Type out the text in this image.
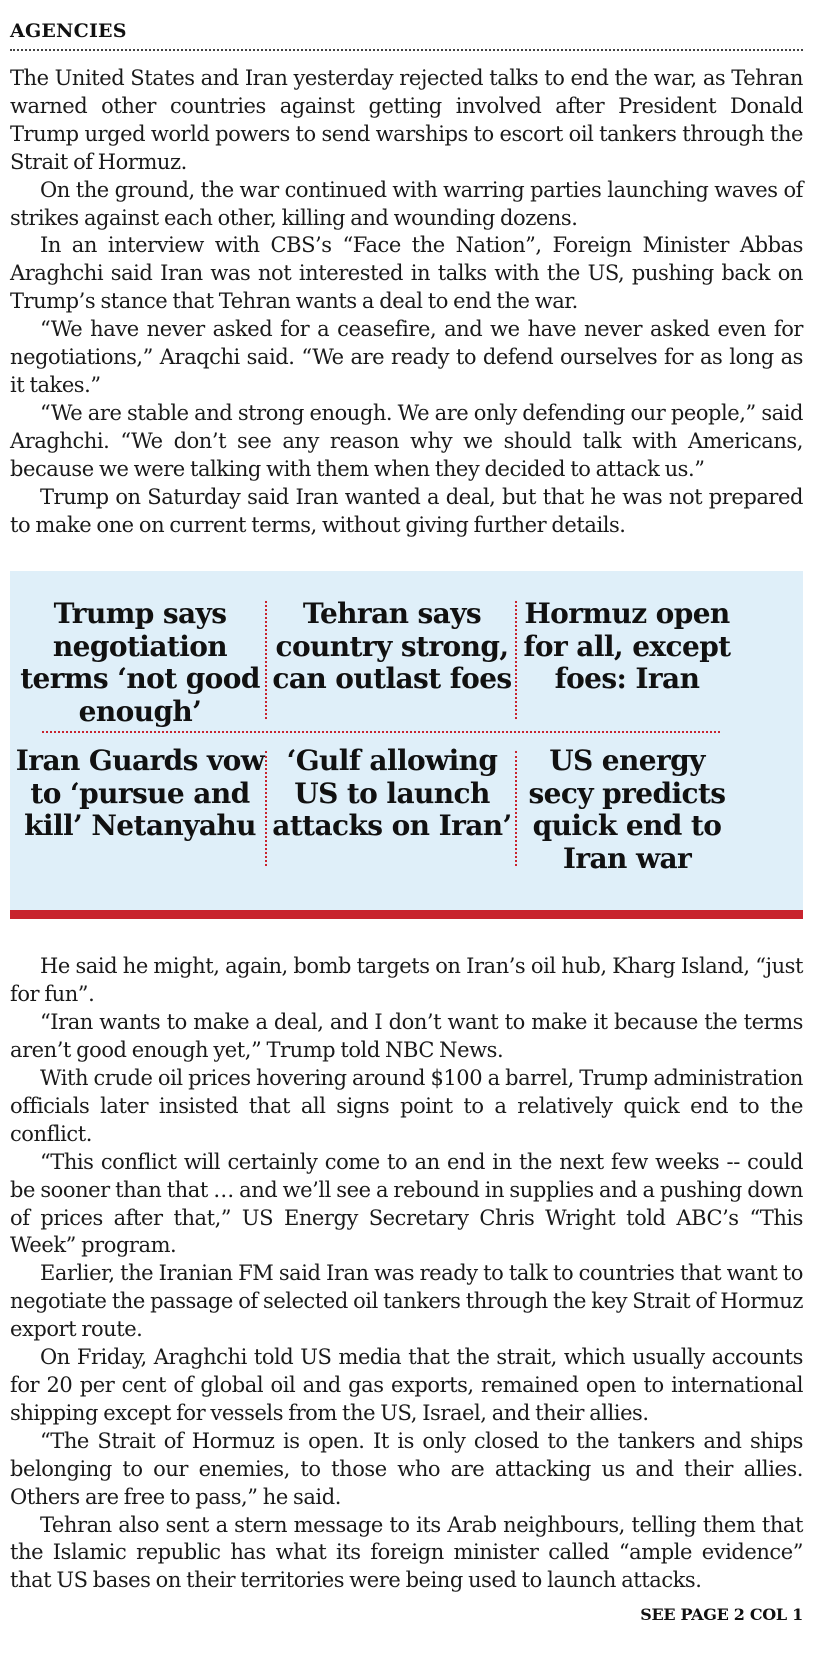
AGENCIES

The United States and Iran yesterday rejected talks to end the war, as Tehran warned other countries against getting involved after President Donald Trump urged world powers to send warships to escort oil tankers through the Strait of Hormuz.

On the ground, the war continued with warring parties launching waves of strikes against each other, killing and wounding dozens.

In an interview with CBS’s “Face the Nation”, Foreign Minister Abbas Araghchi said Iran was not interested in talks with the US, pushing back on Trump’s stance that Tehran wants a deal to end the war.

“We have never asked for a ceasefire, and we have never asked even for negotiations,” Araqchi said. “We are ready to defend ourselves for as long as it takes.”

“We are stable and strong enough. We are only defending our people,” said Araghchi. “We don’t see any reason why we should talk with Americans, because we were talking with them when they decided to attack us.”

Trump on Saturday said Iran wanted a deal, but that he was not prepared to make one on current terms, without giving further details.

Trump says negotiation terms ‘not good enough’
Tehran says country strong, can outlast foes
Hormuz open for all, except foes: Iran
Iran Guards vow to ‘pursue and kill’ Netanyahu
‘Gulf allowing US to launch attacks on Iran’
US energy secy predicts quick end to Iran war

He said he might, again, bomb targets on Iran’s oil hub, Kharg Island, “just for fun”.

“Iran wants to make a deal, and I don’t want to make it because the terms aren’t good enough yet,” Trump told NBC News.

With crude oil prices hovering around $100 a barrel, Trump administration officials later insisted that all signs point to a relatively quick end to the conflict.

“This conflict will certainly come to an end in the next few weeks -- could be sooner than that … and we’ll see a rebound in supplies and a pushing down of prices after that,” US Energy Secretary Chris Wright told ABC’s “This Week” program.

Earlier, the Iranian FM said Iran was ready to talk to countries that want to negotiate the passage of selected oil tankers through the key Strait of Hormuz export route.

On Friday, Araghchi told US media that the strait, which usually accounts for 20 per cent of global oil and gas exports, remained open to international shipping except for vessels from the US, Israel, and their allies.

“The Strait of Hormuz is open. It is only closed to the tankers and ships belonging to our enemies, to those who are attacking us and their allies. Others are free to pass,” he said.

Tehran also sent a stern message to its Arab neighbours, telling them that the Islamic republic has what its foreign minister called “ample evidence” that US bases on their territories were being used to launch attacks.

SEE PAGE 2 COL 1
